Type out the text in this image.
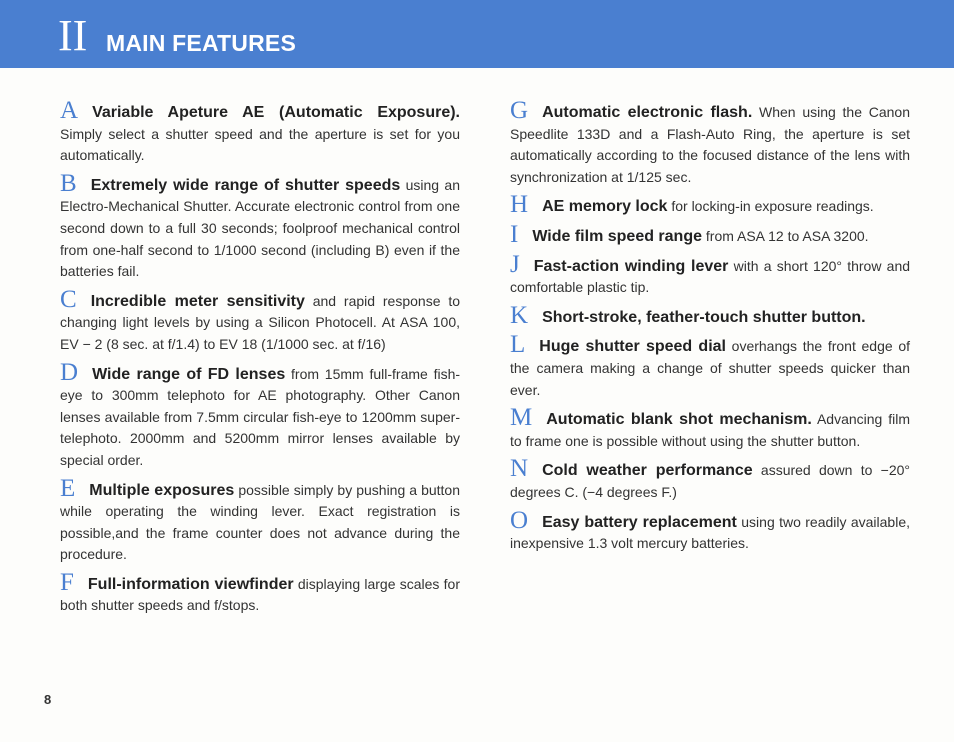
II MAIN FEATURES
A Variable Apeture AE (Automatic Exposure). Simply select a shutter speed and the aperture is set for you automatically.
B Extremely wide range of shutter speeds using an Electro-Mechanical Shutter. Accurate electronic control from one second down to a full 30 seconds; foolproof mechanical control from one-half second to 1/1000 second (including B) even if the batteries fail.
C Incredible meter sensitivity and rapid response to changing light levels by using a Silicon Photocell. At ASA 100, EV − 2 (8 sec. at f/1.4) to EV 18 (1/1000 sec. at f/16)
D Wide range of FD lenses from 15mm full-frame fish-eye to 300mm telephoto for AE photography. Other Canon lenses available from 7.5mm circular fish-eye to 1200mm super-telephoto. 2000mm and 5200mm mirror lenses available by special order.
E Multiple exposures possible simply by pushing a button while operating the winding lever. Exact registration is possible,and the frame counter does not advance during the procedure.
F Full-information viewfinder displaying large scales for both shutter speeds and f/stops.
G Automatic electronic flash. When using the Canon Speedlite 133D and a Flash-Auto Ring, the aperture is set automatically according to the focused distance of the lens with synchronization at 1/125 sec.
HAE memory lock for locking-in exposure readings.
I Wide film speed range from ASA 12 to ASA 3200.
J Fast-action winding lever with a short 120° throw and comfortable plastic tip.
K Short-stroke, feather-touch shutter button.
L Huge shutter speed dial overhangs the front edge of the camera making a change of shutter speeds quicker than ever.
M Automatic blank shot mechanism. Advancing film to frame one is possible without using the shutter button.
N Cold weather performance assured down to −20° degrees C. (−4 degrees F.)
O Easy battery replacement using two readily available, inexpensive 1.3 volt mercury batteries.
8
